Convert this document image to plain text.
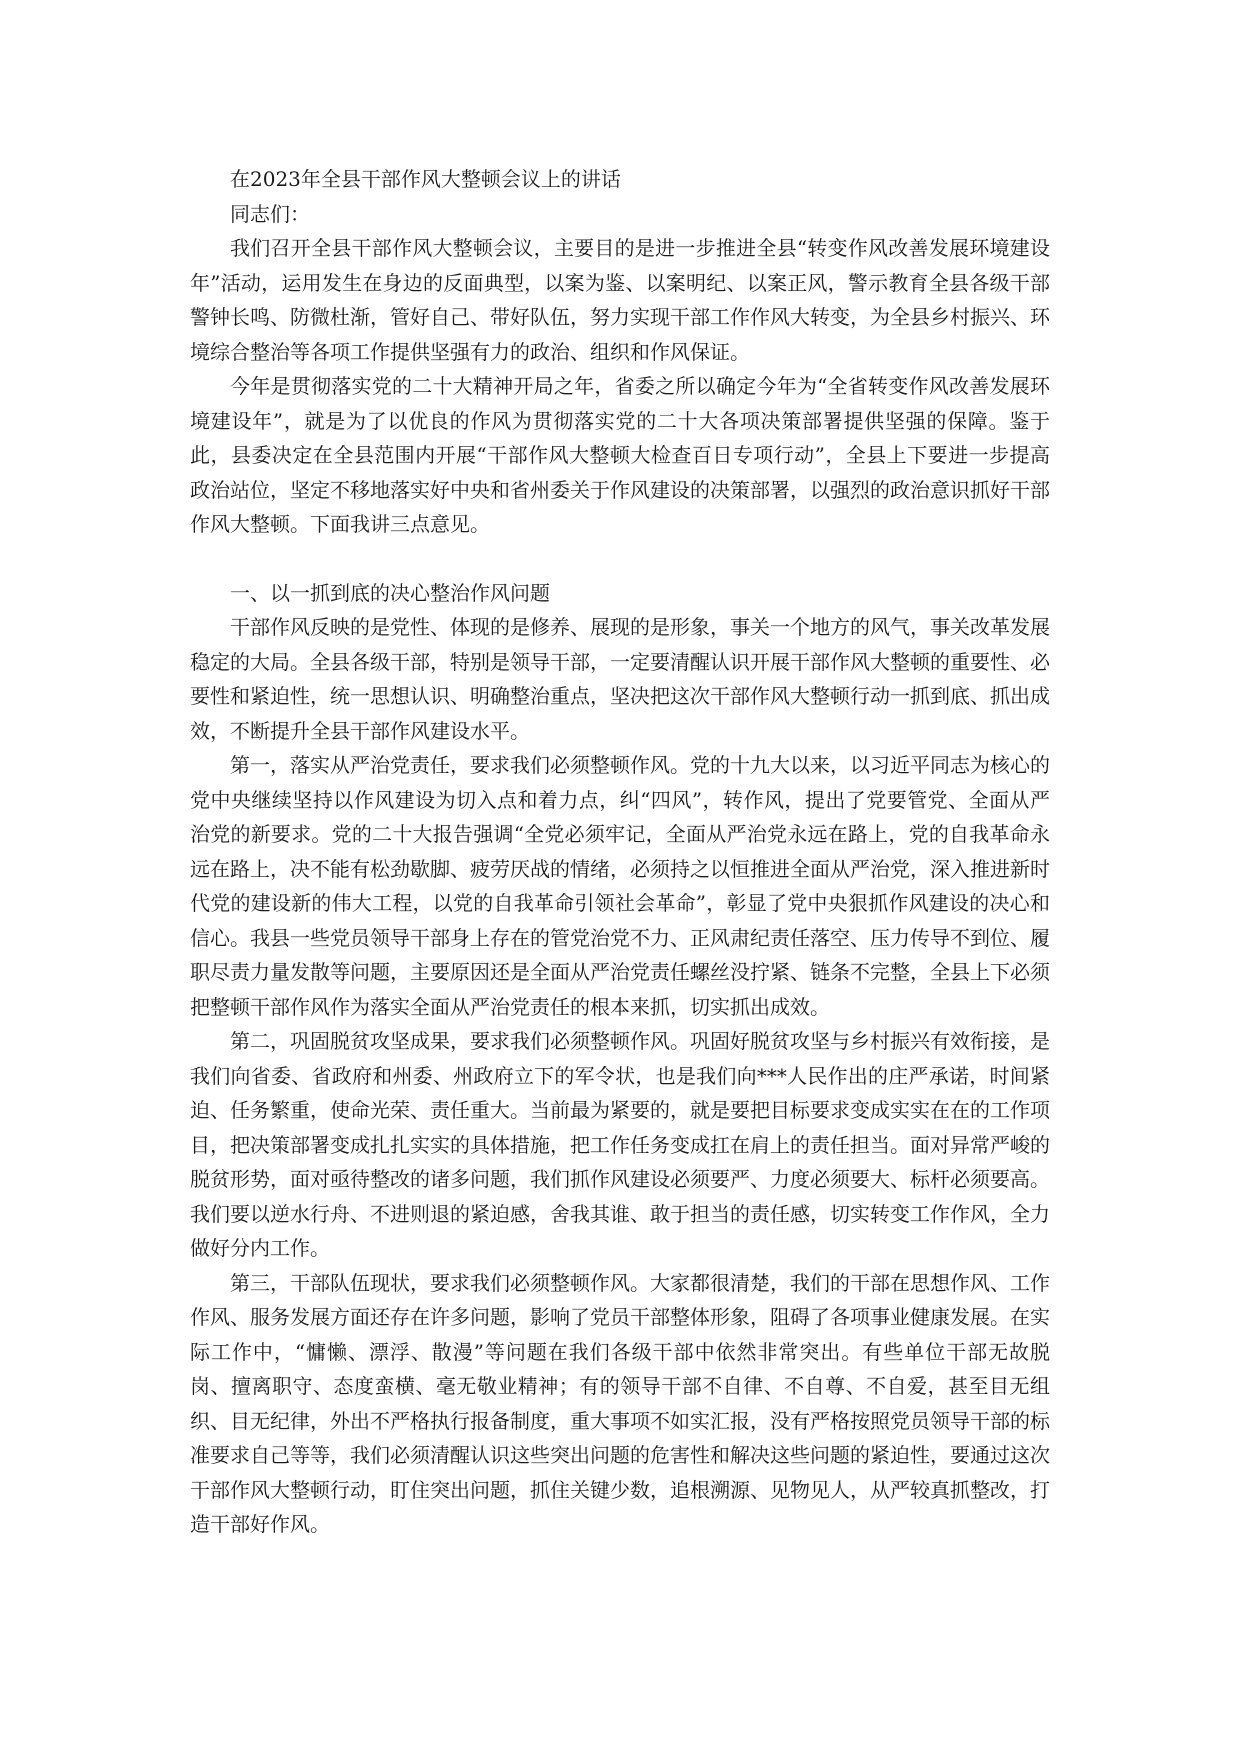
在2023年全县干部作风大整顿会议上的讲话

同志们：

我们召开全县干部作风大整顿会议，主要目的是进一步推进全县“转变作风改善发展环境建设年”活动，运用发生在身边的反面典型，以案为鉴、以案明纪、以案正风，警示教育全县各级干部警钟长鸣、防微杜渐，管好自己、带好队伍，努力实现干部工作作风大转变，为全县乡村振兴、环境综合整治等各项工作提供坚强有力的政治、组织和作风保证。

今年是贯彻落实党的二十大精神开局之年，省委之所以确定今年为“全省转变作风改善发展环境建设年”，就是为了以优良的作风为贯彻落实党的二十大各项决策部署提供坚强的保障。鉴于此，县委决定在全县范围内开展“干部作风大整顿大检查百日专项行动”，全县上下要进一步提高政治站位，坚定不移地落实好中央和省州委关于作风建设的决策部署，以强烈的政治意识抓好干部作风大整顿。下面我讲三点意见。

一、以一抓到底的决心整治作风问题

干部作风反映的是党性、体现的是修养、展现的是形象，事关一个地方的风气，事关改革发展稳定的大局。全县各级干部，特别是领导干部，一定要清醒认识开展干部作风大整顿的重要性、必要性和紧迫性，统一思想认识、明确整治重点，坚决把这次干部作风大整顿行动一抓到底、抓出成效，不断提升全县干部作风建设水平。

第一，落实从严治党责任，要求我们必须整顿作风。党的十九大以来，以习近平同志为核心的党中央继续坚持以作风建设为切入点和着力点，纠“四风”，转作风，提出了党要管党、全面从严治党的新要求。党的二十大报告强调“全党必须牢记，全面从严治党永远在路上，党的自我革命永远在路上，决不能有松劲歇脚、疲劳厌战的情绪，必须持之以恒推进全面从严治党，深入推进新时代党的建设新的伟大工程，以党的自我革命引领社会革命”，彰显了党中央狠抓作风建设的决心和信心。我县一些党员领导干部身上存在的管党治党不力、正风肃纪责任落空、压力传导不到位、履职尽责力量发散等问题，主要原因还是全面从严治党责任螺丝没拧紧、链条不完整，全县上下必须把整顿干部作风作为落实全面从严治党责任的根本来抓，切实抓出成效。

第二，巩固脱贫攻坚成果，要求我们必须整顿作风。巩固好脱贫攻坚与乡村振兴有效衔接，是我们向省委、省政府和州委、州政府立下的军令状，也是我们向***人民作出的庄严承诺，时间紧迫、任务繁重，使命光荣、责任重大。当前最为紧要的，就是要把目标要求变成实实在在的工作项目，把决策部署变成扎扎实实的具体措施，把工作任务变成扛在肩上的责任担当。面对异常严峻的脱贫形势，面对亟待整改的诸多问题，我们抓作风建设必须要严、力度必须要大、标杆必须要高。我们要以逆水行舟、不进则退的紧迫感，舍我其谁、敢于担当的责任感，切实转变工作作风，全力做好分内工作。

第三，干部队伍现状，要求我们必须整顿作风。大家都很清楚，我们的干部在思想作风、工作作风、服务发展方面还存在许多问题，影响了党员干部整体形象，阻碍了各项事业健康发展。在实际工作中，“慵懒、漂浮、散漫”等问题在我们各级干部中依然非常突出。有些单位干部无故脱岗、擅离职守、态度蛮横、毫无敬业精神；有的领导干部不自律、不自尊、不自爱，甚至目无组织、目无纪律，外出不严格执行报备制度，重大事项不如实汇报，没有严格按照党员领导干部的标准要求自己等等，我们必须清醒认识这些突出问题的危害性和解决这些问题的紧迫性，要通过这次干部作风大整顿行动，盯住突出问题，抓住关键少数，追根溯源、见物见人，从严较真抓整改，打造干部好作风。
